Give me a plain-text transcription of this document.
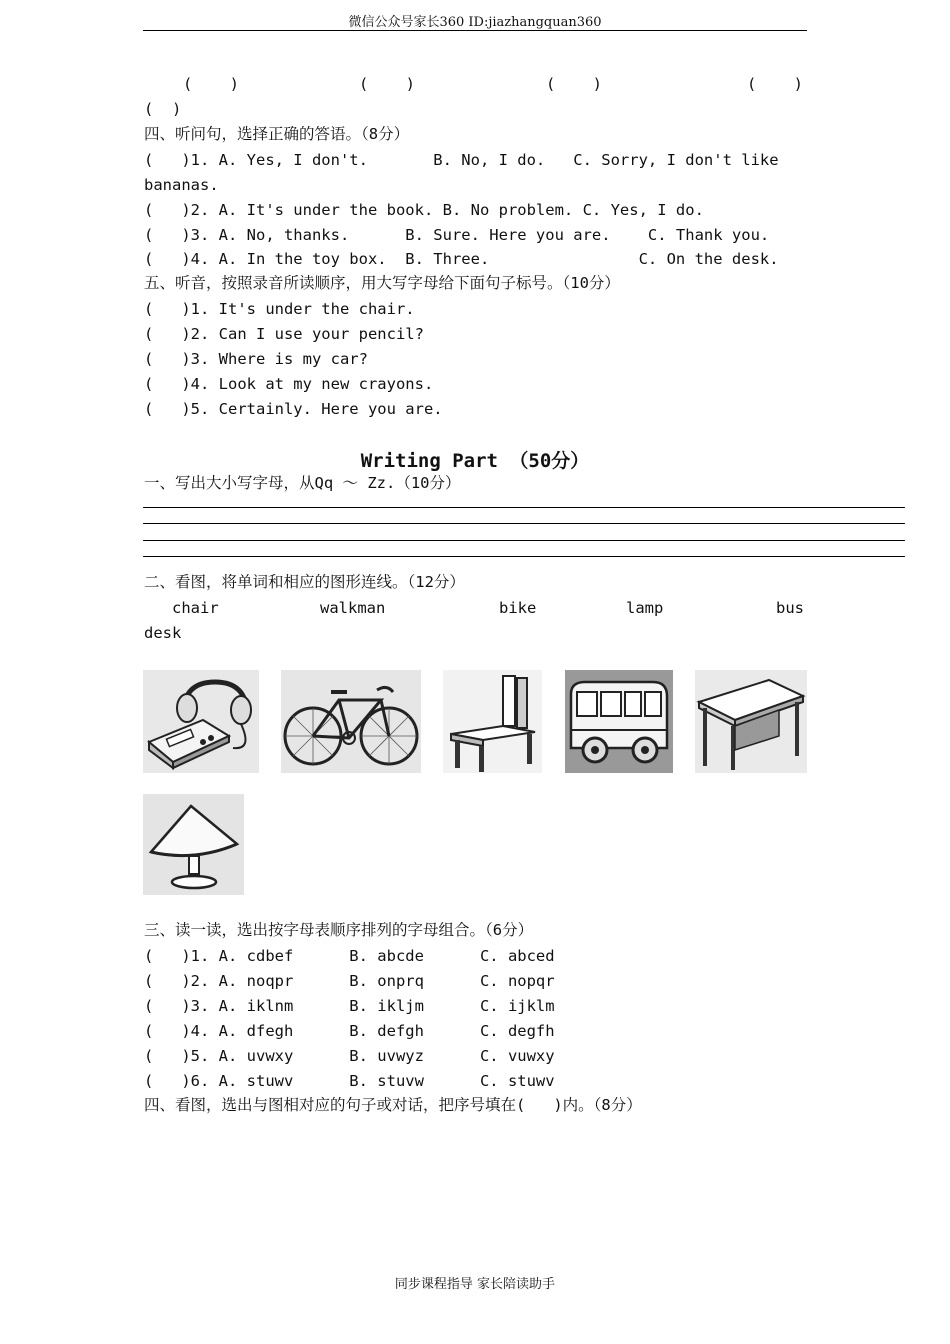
微信公众号家长360 ID:jiazhangquan360
(    )	(    )	(    )	(    )
(  )
四、听问句，选择正确的答语。（8分）
(   )1. A. Yes, I don't.       B. No, I do.   C. Sorry, I don't like
bananas.
(   )2. A. It's under the book. B. No problem. C. Yes, I do.
(   )3. A. No, thanks.      B. Sure. Here you are.    C. Thank you.
(   )4. A. In the toy box.  B. Three.                C. On the desk.
五、听音，按照录音所读顺序，用大写字母给下面句子标号。（10分）
(   )1. It's under the chair.
(   )2. Can I use your pencil?
(   )3. Where is my car?
(   )4. Look at my new crayons.
(   )5. Certainly. Here you are.
Writing Part （50分）
一、写出大小写字母，从Qq ～ Zz.（10分）
二、看图，将单词和相应的图形连线。（12分）
chair	walkman	bike	lamp	bus
desk
三、读一读，选出按字母表顺序排列的字母组合。（6分）
(   )1. A. cdbef      B. abcde      C. abced
(   )2. A. noqpr      B. onprq      C. nopqr
(   )3. A. iklnm      B. ikljm      C. ijklm
(   )4. A. dfegh      B. defgh      C. degfh
(   )5. A. uvwxy      B. uvwyz      C. vuwxy
(   )6. A. stuwv      B. stuvw      C. stuwv
四、看图，选出与图相对应的句子或对话，把序号填在(   )内。（8分）
同步课程指导 家长陪读助手
